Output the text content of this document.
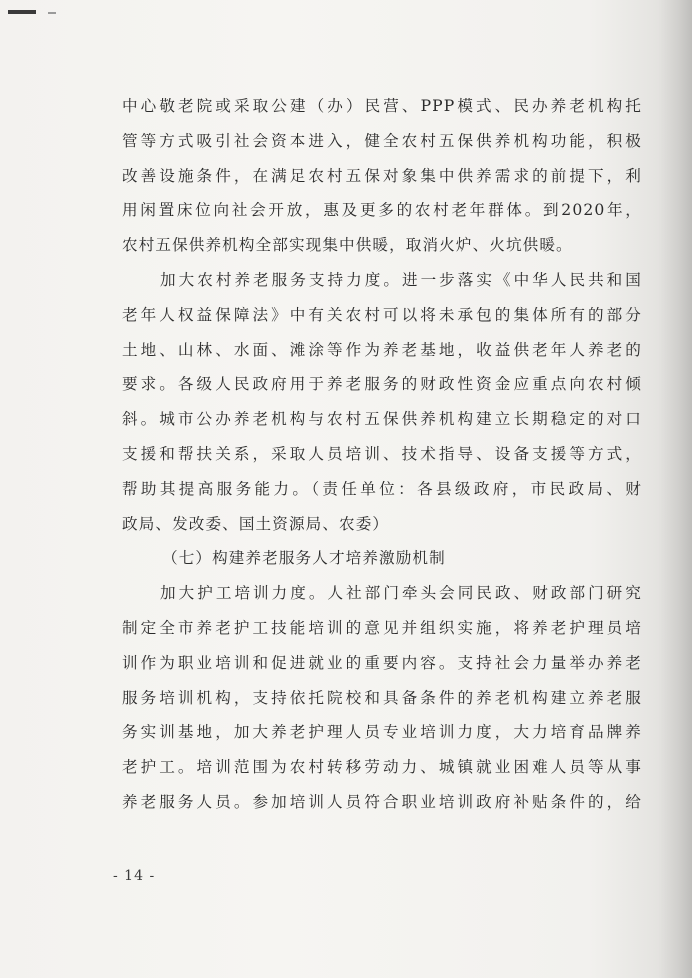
中心敬老院或采取公建（办）民营、PPP模式、民办养老机构托
管等方式吸引社会资本进入，健全农村五保供养机构功能，积极
改善设施条件，在满足农村五保对象集中供养需求的前提下，利
用闲置床位向社会开放，惠及更多的农村老年群体。到2020年，
农村五保供养机构全部实现集中供暖，取消火炉、火坑供暖。
加大农村养老服务支持力度。进一步落实《中华人民共和国
老年人权益保障法》中有关农村可以将未承包的集体所有的部分
土地、山林、水面、滩涂等作为养老基地，收益供老年人养老的
要求。各级人民政府用于养老服务的财政性资金应重点向农村倾
斜。城市公办养老机构与农村五保供养机构建立长期稳定的对口
支援和帮扶关系，采取人员培训、技术指导、设备支援等方式，
帮助其提高服务能力。（责任单位：各县级政府，市民政局、财
政局、发改委、国土资源局、农委）
（七）构建养老服务人才培养激励机制
加大护工培训力度。人社部门牵头会同民政、财政部门研究
制定全市养老护工技能培训的意见并组织实施，将养老护理员培
训作为职业培训和促进就业的重要内容。支持社会力量举办养老
服务培训机构，支持依托院校和具备条件的养老机构建立养老服
务实训基地，加大养老护理人员专业培训力度，大力培育品牌养
老护工。培训范围为农村转移劳动力、城镇就业困难人员等从事
养老服务人员。参加培训人员符合职业培训政府补贴条件的，给
- 14 -
